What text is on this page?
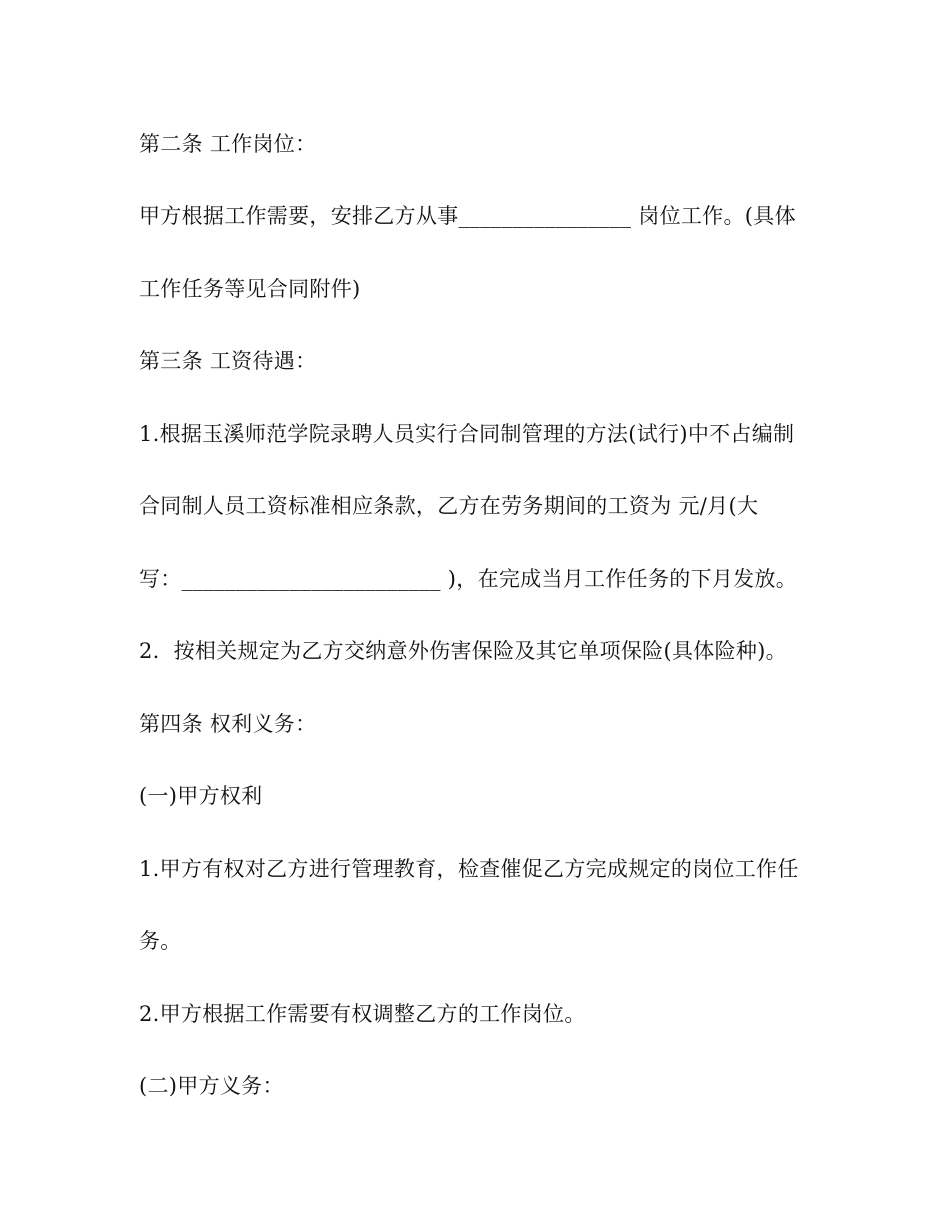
第二条 工作岗位：
甲方根据工作需要，安排乙方从事________________ 岗位工作。(具体
工作任务等见合同附件)
第三条 工资待遇：
1.根据玉溪师范学院录聘人员实行合同制管理的方法(试行)中不占编制
合同制人员工资标准相应条款，乙方在劳务期间的工资为 元/月(大
写：________________________ )，在完成当月工作任务的下月发放。
2.  按相关规定为乙方交纳意外伤害保险及其它单项保险(具体险种)。
第四条 权利义务：
(一)甲方权利
1.甲方有权对乙方进行管理教育，检查催促乙方完成规定的岗位工作任
务。
2.甲方根据工作需要有权调整乙方的工作岗位。
(二)甲方义务：
